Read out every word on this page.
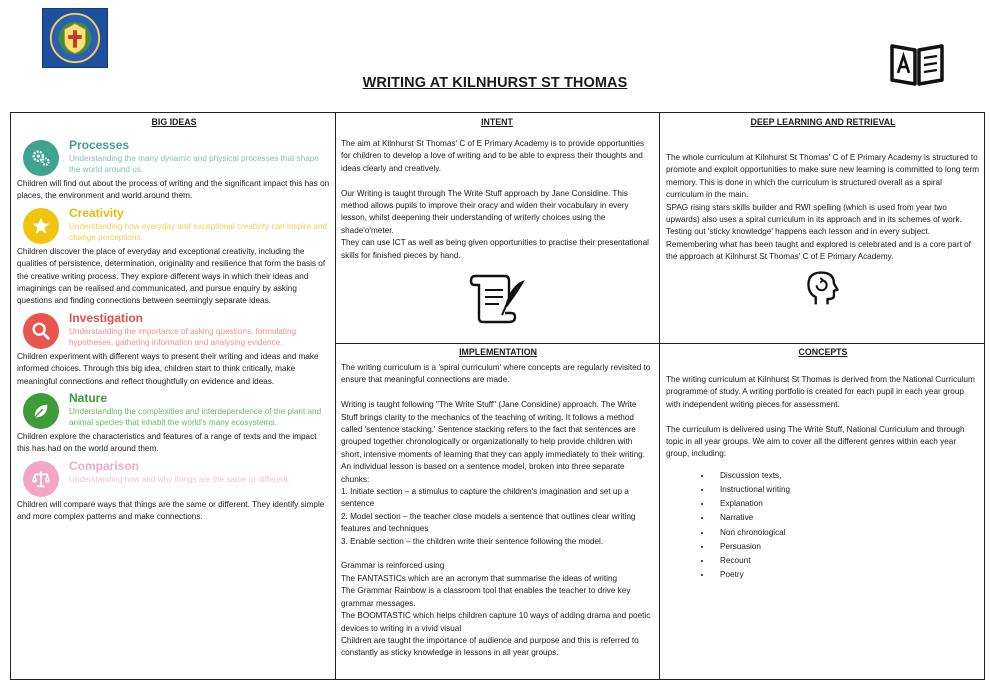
WRITING AT KILNHURST ST THOMAS
BIG IDEAS
Processes
Understanding the many dynamic and physical processes that shape the world around us.

Children will find out about the process of writing and the significant impact this has on places, the environment and world around them.

Creativity
Understanding how everyday and exceptional creativity can inspire and change perceptions.

Children discover the place of everyday and exceptional creativity, including the qualities of persistence, determination, originality and resilience that form the basis of the creative writing process. They explore different ways in which their ideas and imaginings can be realised and communicated, and pursue enquiry by asking questions and finding connections between seemingly separate ideas.

Investigation
Understanding the importance of asking questions, formulating hypotheses, gathering information and analysing evidence.

Children experiment with different ways to present their writing and ideas and make informed choices. Through this big idea, children start to think critically, make meaningful connections and reflect thoughtfully on evidence and ideas.

Nature
Understanding the complexities and interdependence of the plant and animal species that inhabit the world's many ecosystems.

Children explore the characteristics and features of a range of texts and the impact this has had on the world around them.

Comparison
Understanding how and why things are the same or different.

Children will compare ways that things are the same or different. They identify simple and more complex patterns and make connections.

INTENT

The aim at Kilnhurst St Thomas' C of E Primary Academy is to provide opportunities for children to develop a love of writing and to be able to express their thoughts and ideas clearly and creatively.

Our Writing is taught through The Write Stuff approach by Jane Considine. This method allows pupils to improve their oracy and widen their vocabulary in every lesson, whilst deepening their understanding of writerly choices using the shade'o'meter.

They can use ICT as well as being given opportunities to practise their presentational skills for finished pieces by hand.

DEEP LEARNING AND RETRIEVAL

The whole curriculum at Kilnhurst St Thomas' C of E Primary Academy is structured to promote and exploit opportunities to make sure new learning is committed to long term memory. This is done in which the curriculum is structured overall as a spiral curriculum in the main.

SPAG rising stars skills builder and RWI spelling (which is used from year two upwards) also uses a spiral curriculum in its approach and in its schemes of work.

Testing out 'sticky knowledge' happens each lesson and in every subject. Remembering what has been taught and explored is celebrated and is a core part of the approach at Kilnhurst St Thomas' C of E Primary Academy.

IMPLEMENTATION

The writing curriculum is a 'spiral curriculum' where concepts are regularly revisited to ensure that meaningful connections are made.

Writing is taught following "The Write Stuff" (Jane Considine) approach. The Write Stuff brings clarity to the mechanics of the teaching of writing. It follows a method called 'sentence stacking.' Sentence stacking refers to the fact that sentences are grouped together chronologically or organizationally to help provide children with short, intensive moments of learning that they can apply immediately to their writing. An individual lesson is based on a sentence model, broken into three separate chunks:

1. Initiate section – a stimulus to capture the children's imagination and set up a sentence

2. Model section – the teacher close models a sentence that outlines clear writing features and techniques

3. Enable section – the children write their sentence following the model.

Grammar is reinforced using

The FANTASTICs which are an acronym that summarise the ideas of writing

The Grammar Rainbow is a classroom tool that enables the teacher to drive key grammar messages.

The BOOMTASTIC which helps children capture 10 ways of adding drama and poetic devices to writing in a vivid visual

Children are taught the importance of audience and purpose and this is referred to constantly as sticky knowledge in lessons in all year groups.

CONCEPTS

The writing curriculum at Kilnhurst St Thomas is derived from the National Curriculum programme of study. A writing portfolio is created for each pupil in each year group with independent writing pieces for assessment.

The curriculum is delivered using The Write Stuff, National Curriculum and through topic in all year groups. We aim to cover all the different genres within each year group, including:

• Discussion texts,
• Instructional writing
• Explanation
• Narrative
• Non chronological
• Persuasion
• Recount
• Poetry
